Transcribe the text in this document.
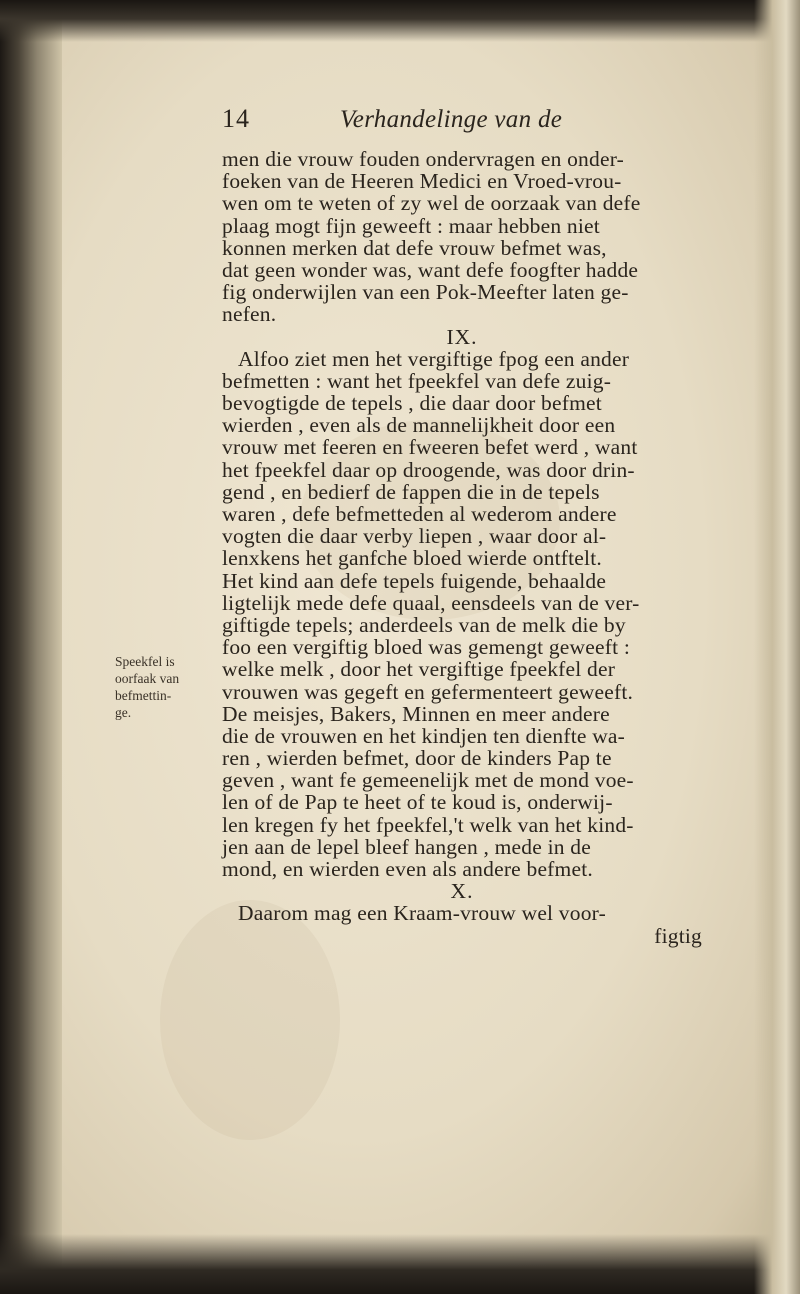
14	Verhandelinge van de
Speekfel is
oorfaak van
befmettin-
ge.
men die vrouw fouden ondervragen en onder-
foeken van de Heeren Medici en Vroed-vrou-
wen om te weten of zy wel de oorzaak van defe
plaag mogt fijn geweeft : maar hebben niet
konnen merken dat defe vrouw befmet was,
dat geen wonder was, want defe foogfter hadde
fig onderwijlen van een Pok-Meefter laten ge-
nefen.
IX.
Alfoo ziet men het vergiftige fpog een ander
befmetten : want het fpeekfel van defe zuig-
bevogtigde de tepels , die daar door befmet
wierden , even als de mannelijkheit door een
vrouw met feeren en fweeren befet werd , want
het fpeekfel daar op droogende, was door drin-
gend , en bedierf de fappen die in de tepels
waren , defe befmetteden al wederom andere
vogten die daar verby liepen , waar door al-
lenxkens het ganfche bloed wierde ontftelt.
Het kind aan defe tepels fuigende, behaalde
ligtelijk mede defe quaal, eensdeels van de ver-
giftigde tepels; anderdeels van de melk die by
foo een vergiftig bloed was gemengt geweeft :
welke melk , door het vergiftige fpeekfel der
vrouwen was gegeft en gefermenteert geweeft.
De meisjes, Bakers, Minnen en meer andere
die de vrouwen en het kindjen ten dienfte wa-
ren , wierden befmet, door de kinders Pap te
geven , want fe gemeenelijk met de mond voe-
len of de Pap te heet of te koud is, onderwij-
len kregen fy het fpeekfel,'t welk van het kind-
jen aan de lepel bleef hangen , mede in de
mond, en wierden even als andere befmet.
X.
Daarom mag een Kraam-vrouw wel voor-
figtig
